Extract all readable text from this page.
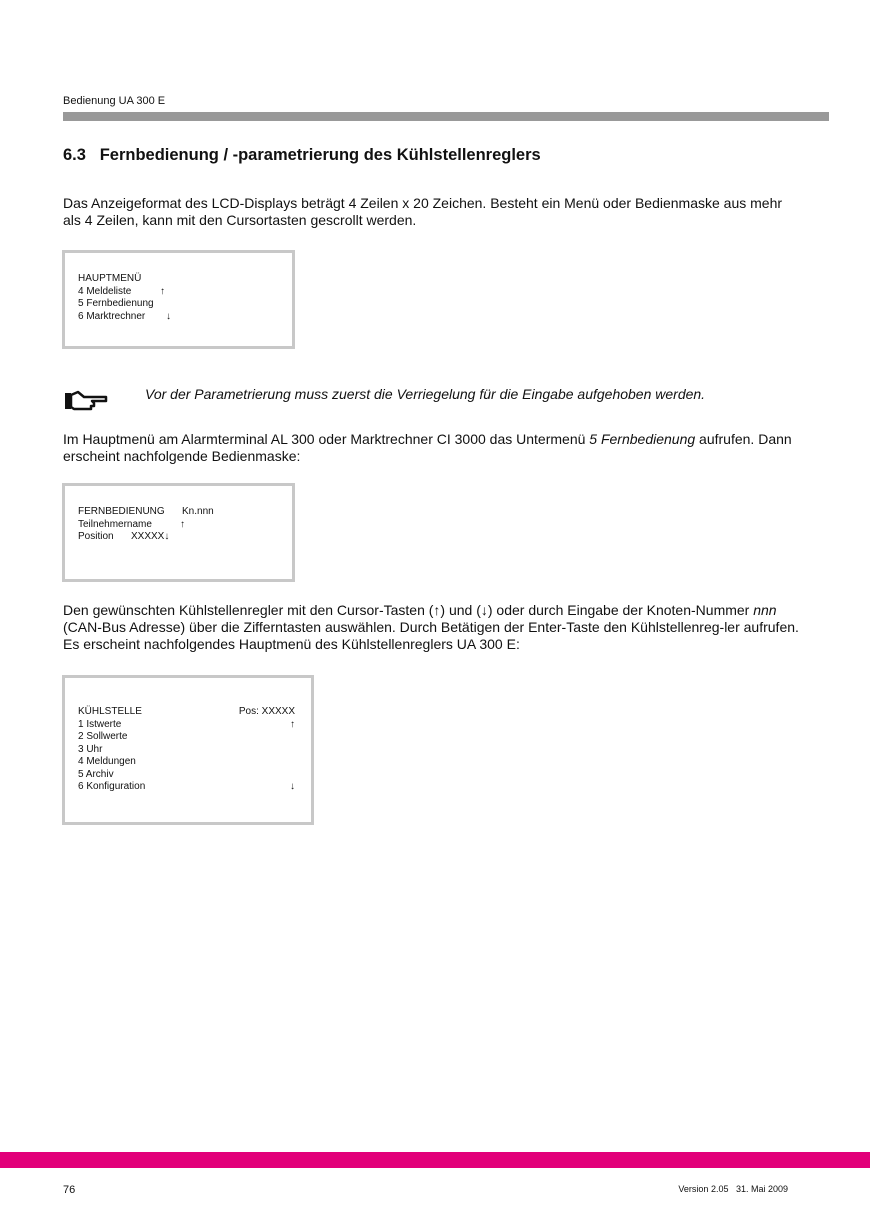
Bedienung UA 300 E
6.3   Fernbedienung / -parametrierung des Kühlstellenreglers
Das Anzeigeformat des LCD-Displays beträgt 4 Zeilen x 20 Zeichen. Besteht ein Menü oder Bedienmaske aus mehr als 4 Zeilen, kann mit den Cursortasten gescrollt werden.
HAUPTMENÜ
4 Meldeliste	↑
5 Fernbedienung
6 Marktrechner	↓
Vor der Parametrierung muss zuerst die Verriegelung für die Eingabe aufgehoben werden.
Im Hauptmenü am Alarmterminal AL 300 oder Marktrechner CI 3000 das Untermenü 5 Fernbedienung aufrufen. Dann erscheint nachfolgende Bedienmaske:
FERNBEDIENUNG	Kn.nnn
Teilnehmername	↑
Position	XXXXX ↓
Den gewünschten Kühlstellenregler mit den Cursor-Tasten (↑) und (↓) oder durch Eingabe der Knoten-Nummer nnn (CAN-Bus Adresse) über die Zifferntasten auswählen. Durch Betätigen der Enter-Taste den Kühlstellenreg-ler aufrufen. Es erscheint nachfolgendes Hauptmenü des Kühlstellenreglers UA 300 E:
KÜHLSTELLE	Pos: XXXXX
1 Istwerte	↑
2 Sollwerte
3 Uhr
4 Meldungen
5 Archiv
6 Konfiguration	↓
76	Version 2.05   31. Mai 2009
